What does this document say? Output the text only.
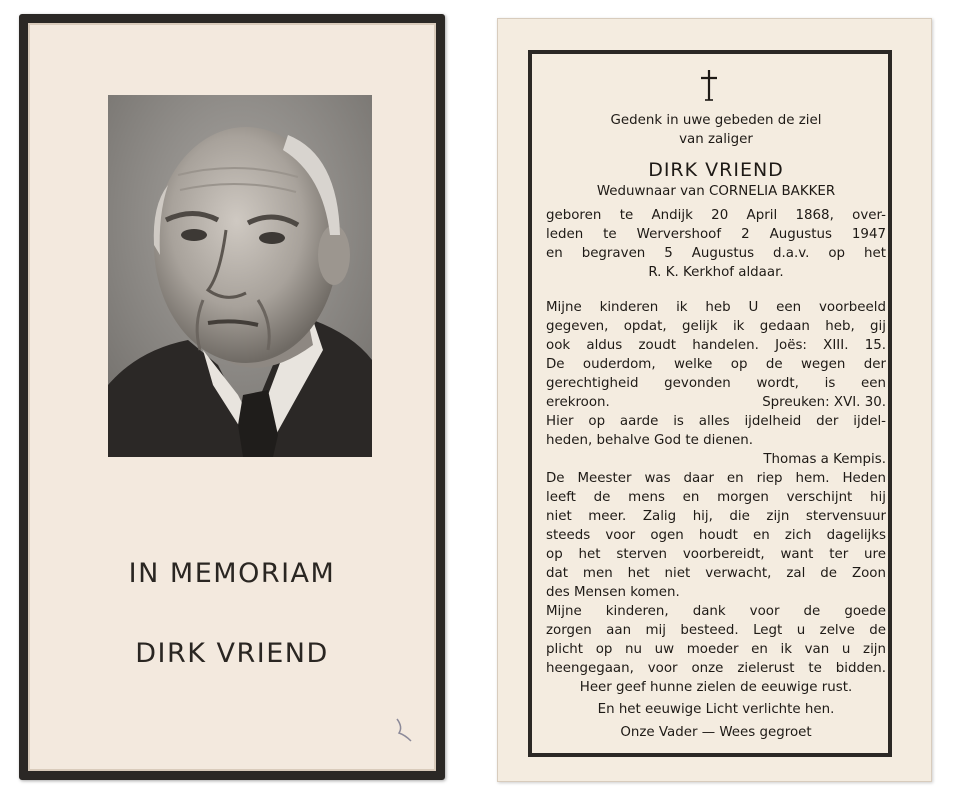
IN MEMORIAM
DIRK VRIEND
Gedenk in uwe gebeden de ziel
van zaliger
DIRK VRIEND
Weduwnaar van CORNELIA BAKKER
geboren te Andijk 20 April 1868, over-
leden te Wervershoof 2 Augustus 1947
en begraven 5 Augustus d.a.v. op het
R. K. Kerkhof aldaar.
Mijne kinderen ik heb U een voorbeeld
gegeven, opdat, gelijk ik gedaan heb, gij
ook aldus zoudt handelen. Joës: XIII. 15.
De ouderdom, welke op de wegen der
gerechtigheid gevonden wordt, is een
erekroon.	Spreuken: XVI. 30.
Hier op aarde is alles ijdelheid der ijdel-
heden, behalve God te dienen.
Thomas a Kempis.
De Meester was daar en riep hem. Heden
leeft de mens en morgen verschijnt hij
niet meer. Zalig hij, die zijn stervensuur
steeds voor ogen houdt en zich dagelijks
op het sterven voorbereidt, want ter ure
dat men het niet verwacht, zal de Zoon
des Mensen komen.
Mijne kinderen, dank voor de goede
zorgen aan mij besteed. Legt u zelve de
plicht op nu uw moeder en ik van u zijn
heengegaan, voor onze zielerust te bidden.
Heer geef hunne zielen de eeuwige rust.
En het eeuwige Licht verlichte hen.
Onze Vader — Wees gegroet
